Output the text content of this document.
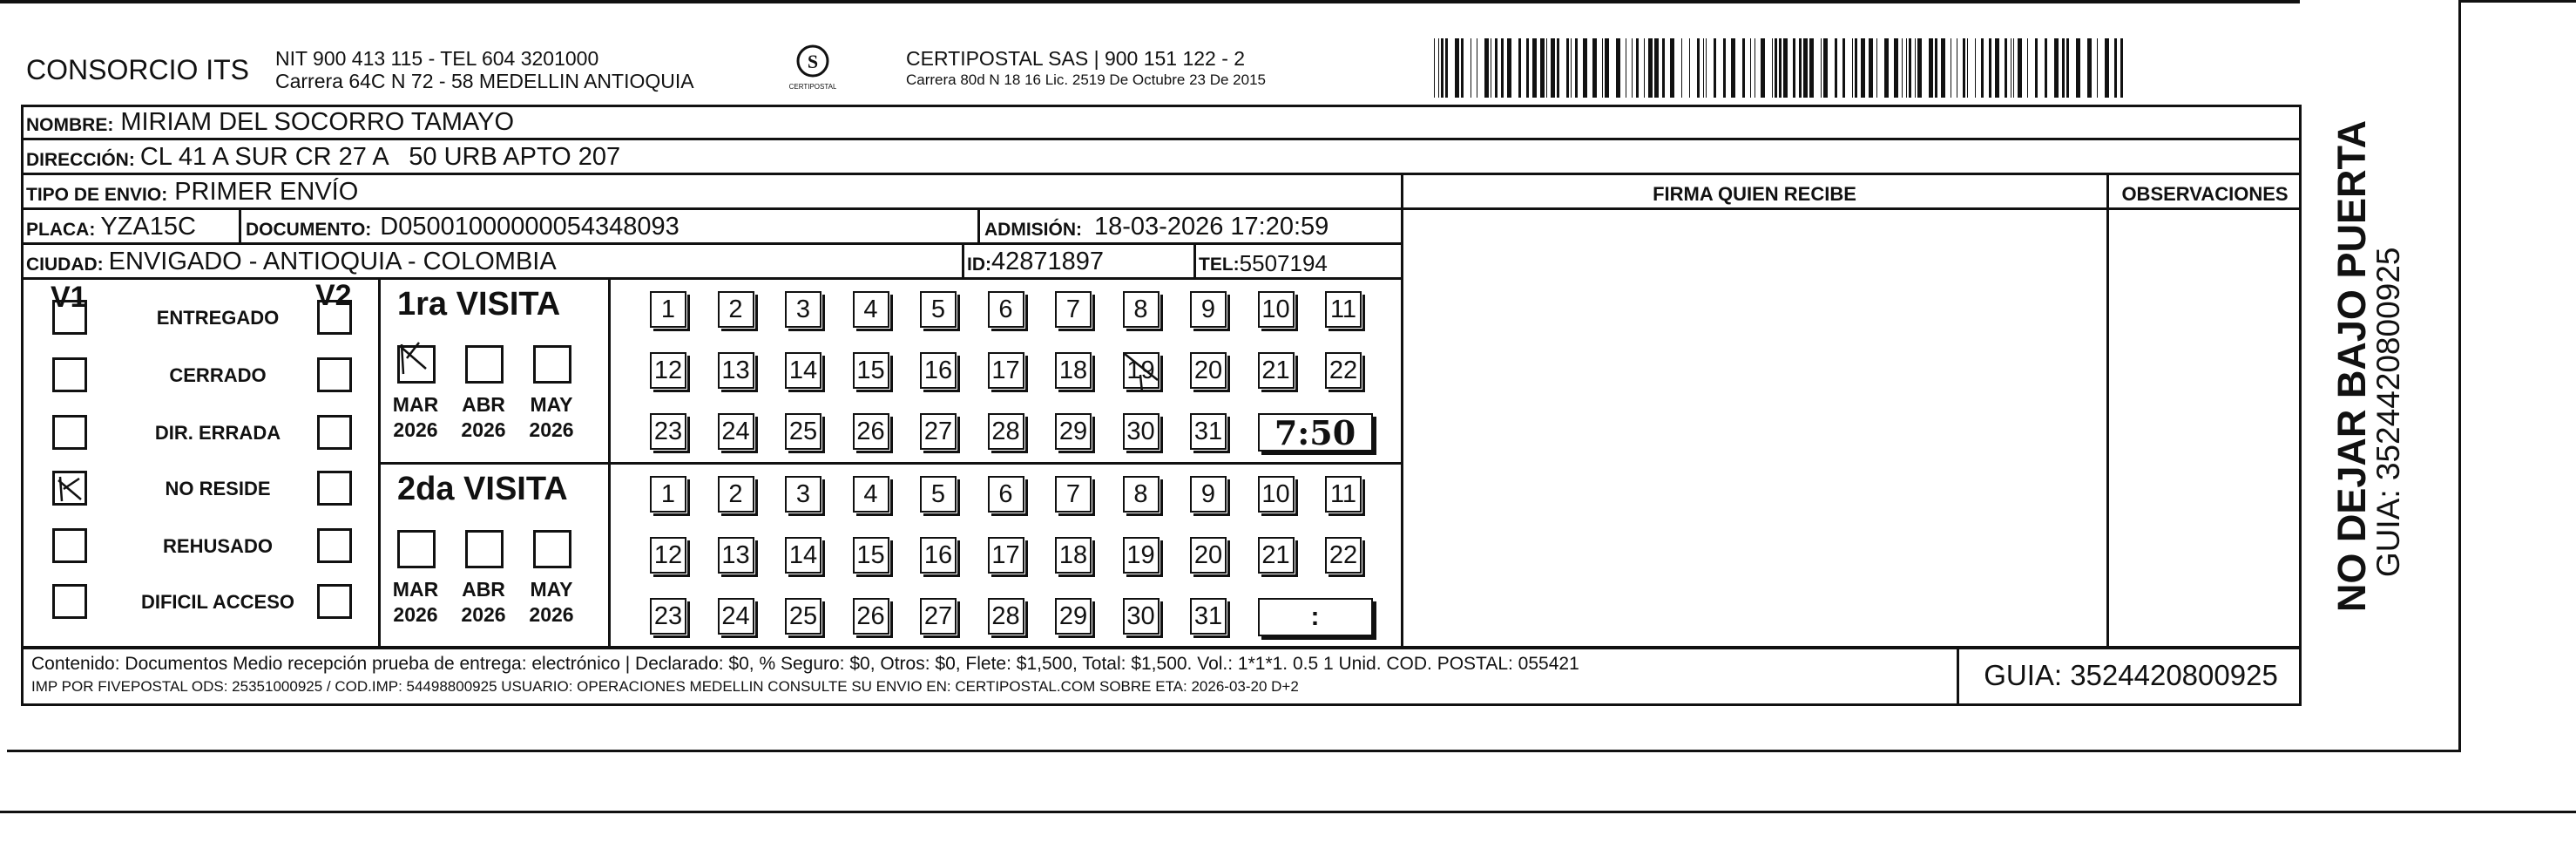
CONSORCIO ITS NIT 900 413 115 - TEL 604 3201000
Carrera 64C N 72 - 58 MEDELLIN ANTIOQUIA
S
CERTIPOSTAL
CERTIPOSTAL SAS | 900 151 122 - 2
Carrera 80d N 18 16 Lic. 2519 De Octubre 23 De 2015
NOMBRE: MIRIAM DEL SOCORRO TAMAYO
DIRECCIÓN: CL 41 A SUR CR 27 A   50 URB APTO 207
TIPO DE ENVIO: PRIMER ENVÍO
PLACA: YZA15C	DOCUMENTO: D05001000000054348093	ADMISIÓN: 18-03-2026 17:20:59
CIUDAD: ENVIGADO - ANTIOQUIA - COLOMBIA	ID: 42871897	TEL: 5507194
FIRMA QUIEN RECIBE	OBSERVACIONES
V1	V2
ENTREGADO
CERRADO
DIR. ERRADA
NO RESIDE
REHUSADO
DIFICIL ACCESO
1ra VISITA
MAR
2026
ABR
2026
MAY
2026
1 2 3 4 5 6 7 8 9 10 11
12 13 14 15 16 17 18 19 20 21 22
23 24 25 26 27 28 29 30 31	7:50
2da VISITA
MAR
2026
ABR
2026
MAY
2026
1 2 3 4 5 6 7 8 9 10 11
12 13 14 15 16 17 18 19 20 21 22
23 24 25 26 27 28 29 30 31	:
Contenido: Documentos Medio recepción prueba de entrega: electrónico | Declarado: $0, % Seguro: $0, Otros: $0, Flete: $1,500, Total: $1,500. Vol.: 1*1*1. 0.5 1 Unid. COD. POSTAL: 055421
IMP POR FIVEPOSTAL ODS: 25351000925 / COD.IMP: 54498800925 USUARIO: OPERACIONES MEDELLIN CONSULTE SU ENVIO EN: CERTIPOSTAL.COM SOBRE ETA: 2026-03-20 D+2	GUIA: 3524420800925
NO DEJAR BAJO PUERTA
GUIA: 3524420800925
